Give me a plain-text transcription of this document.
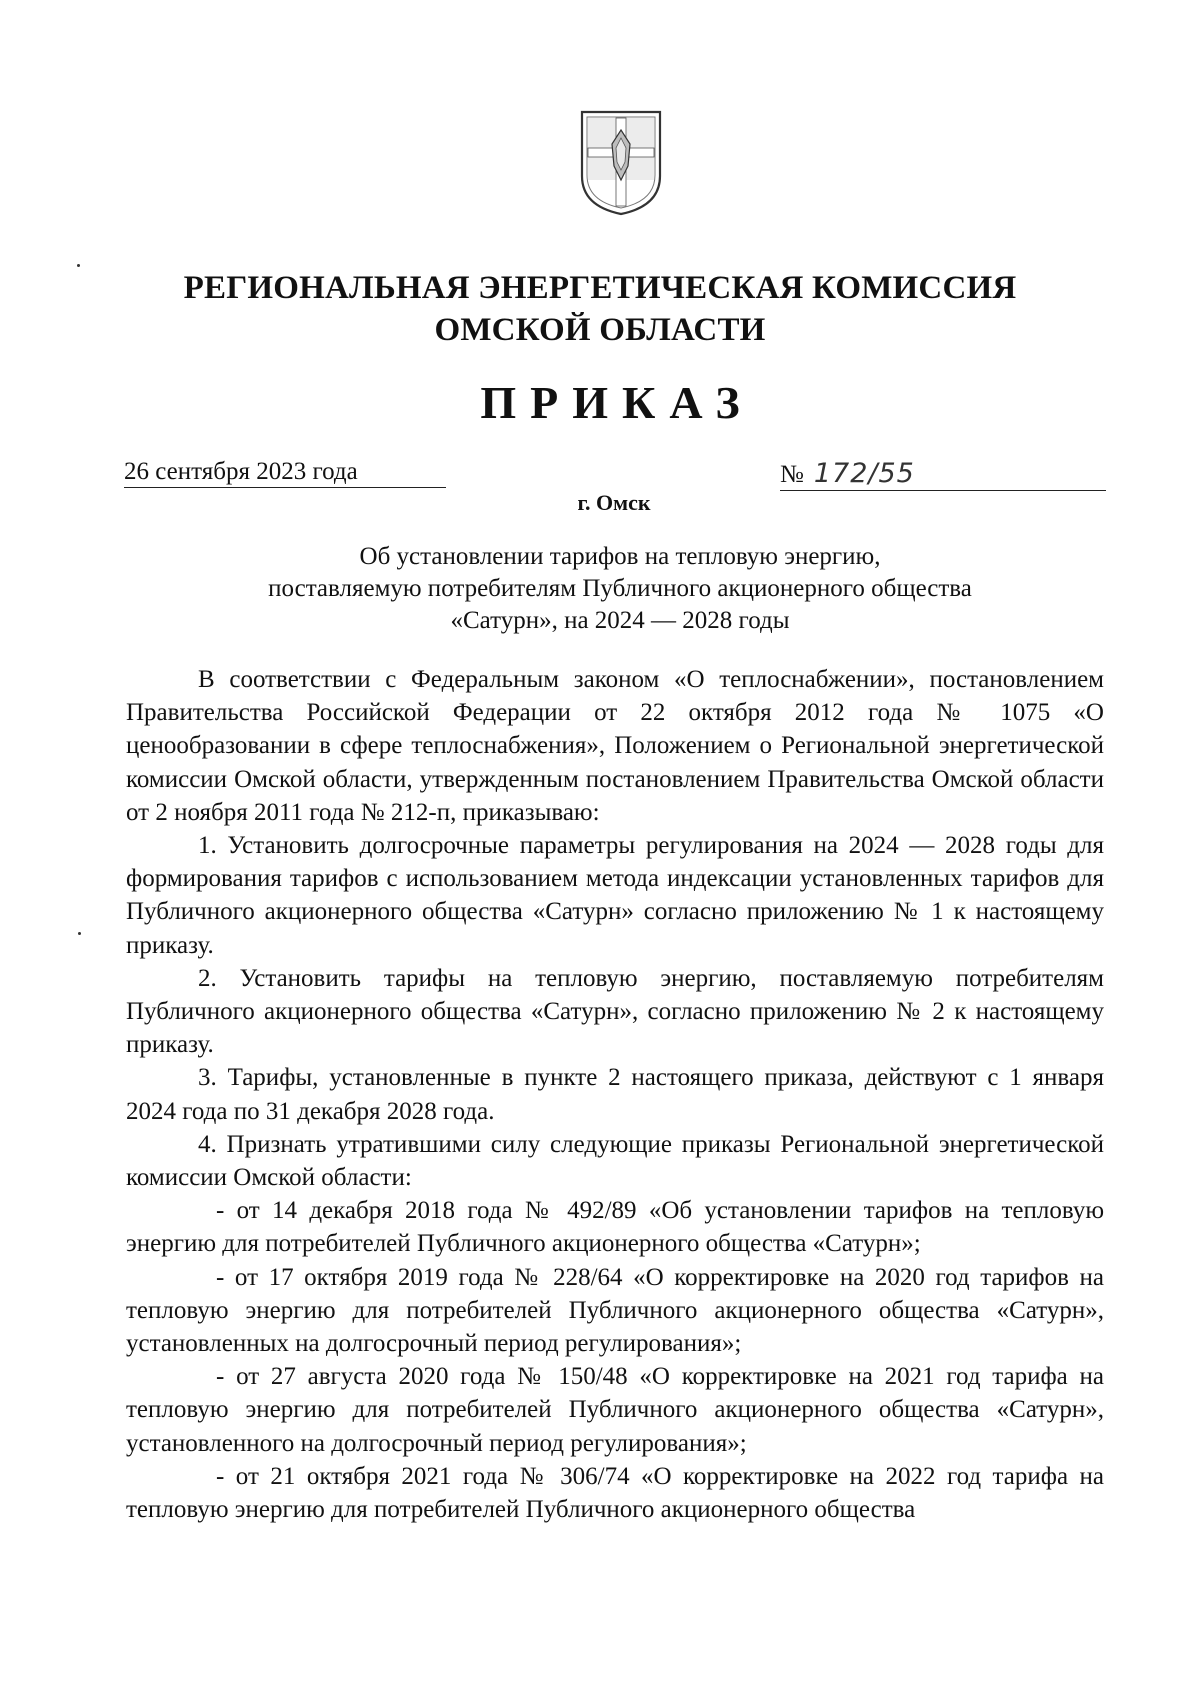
РЕГИОНАЛЬНАЯ ЭНЕРГЕТИЧЕСКАЯ КОМИССИЯ
ОМСКОЙ ОБЛАСТИ
ПРИКАЗ
26 сентября 2023 года	№ 172/55
г. Омск
Об установлении тарифов на тепловую энергию,
поставляемую потребителям Публичного акционерного общества
«Сатурн», на 2024 — 2028 годы

В соответствии с Федеральным законом «О теплоснабжении», постановлением Правительства Российской Федерации от 22 октября 2012 года № 1075 «О ценообразовании в сфере теплоснабжения», Положением о Региональной энергетической комиссии Омской области, утвержденным постановлением Правительства Омской области от 2 ноября 2011 года № 212-п, приказываю:

1. Установить долгосрочные параметры регулирования на 2024 — 2028 годы для формирования тарифов с использованием метода индексации установленных тарифов для Публичного акционерного общества «Сатурн» согласно приложению № 1 к настоящему приказу.

2. Установить тарифы на тепловую энергию, поставляемую потребителям Публичного акционерного общества «Сатурн», согласно приложению № 2 к настоящему приказу.

3. Тарифы, установленные в пункте 2 настоящего приказа, действуют с 1 января 2024 года по 31 декабря 2028 года.

4. Признать утратившими силу следующие приказы Региональной энергетической комиссии Омской области:

- от 14 декабря 2018 года № 492/89 «Об установлении тарифов на тепловую энергию для потребителей Публичного акционерного общества «Сатурн»;

- от 17 октября 2019 года № 228/64 «О корректировке на 2020 год тарифов на тепловую энергию для потребителей Публичного акционерного общества «Сатурн», установленных на долгосрочный период регулирования»;

- от 27 августа 2020 года № 150/48 «О корректировке на 2021 год тарифа на тепловую энергию для потребителей Публичного акционерного общества «Сатурн», установленного на долгосрочный период регулирования»;

- от 21 октября 2021 года № 306/74 «О корректировке на 2022 год тарифа на тепловую энергию для потребителей Публичного акционерного общества
